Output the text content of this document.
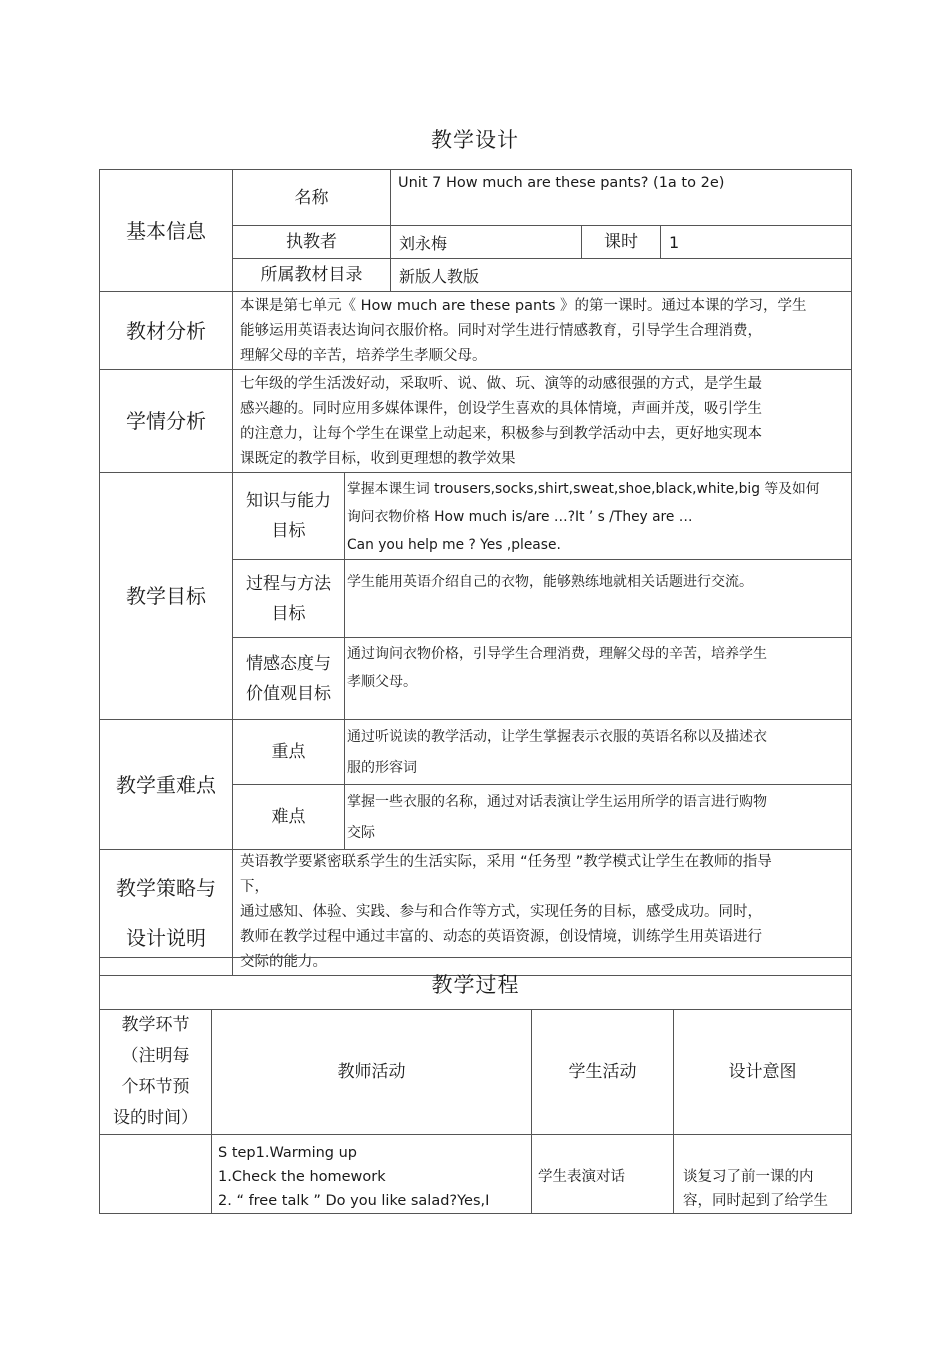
教学设计
基本信息	名称		Unit 7 How much are these pants? (1a to 2e)		
	执教者		刘永梅	课时	1
	所属教材目录		新版人教版		
教材分析	本课是第七单元《 How much are these pants 》的第一课时。通过本课的学习，学生
能够运用英语表达询问衣服价格。同时对学生进行情感教育，引导学生合理消费，
理解父母的辛苦，培养学生孝顺父母。				

学情分析	七年级的学生活泼好动，采取听、说、做、玩、演等的动感很强的方式，是学生最
感兴趣的。同时应用多媒体课件，创设学生喜欢的具体情境，声画并茂，吸引学生
的注意力，让每个学生在课堂上动起来，积极参与到教学活动中去，更好地实现本
课既定的教学目标，收到更理想的教学效果				

教学目标	知识与能力
目标	掌握本课生词 trousers,socks,shirt,sweat,shoe,black,white,big 等及如何
询问衣物价格 How much is/are …?It ’ s /They are …
Can you help me ? Yes ,please.			

	过程与方法
目标	学生能用英语介绍自己的衣物，能够熟练地就相关话题进行交流。			

	情感态度与
价值观目标	通过询问衣物价格，引导学生合理消费，理解父母的辛苦，培养学生
孝顺父母。			

教学重难点	重点	通过听说读的教学活动，让学生掌握表示衣服的英语名称以及描述衣
服的形容词			

	难点	掌握一些衣服的名称，通过对话表演让学生运用所学的语言进行购物
交际			

教学策略与
设计说明	英语教学要紧密联系学生的生活实际，采用 “任务型 ”教学模式让学生在教师的指导
下，
通过感知、体验、实践、参与和合作等方式，实现任务的目标，感受成功。同时，
教师在教学过程中通过丰富的、动态的英语资源，创设情境，训练学生用英语进行
交际的能力。				
教学过程			

教学环节
（注明每
个环节预
设的时间）	教师活动	学生活动	设计意图

	S tep1.Warming up
1.Check the homework
2. “ free talk ” Do you like salad?Yes,I	学生表演对话	谈复习了前一课的内
容，同时起到了给学生
